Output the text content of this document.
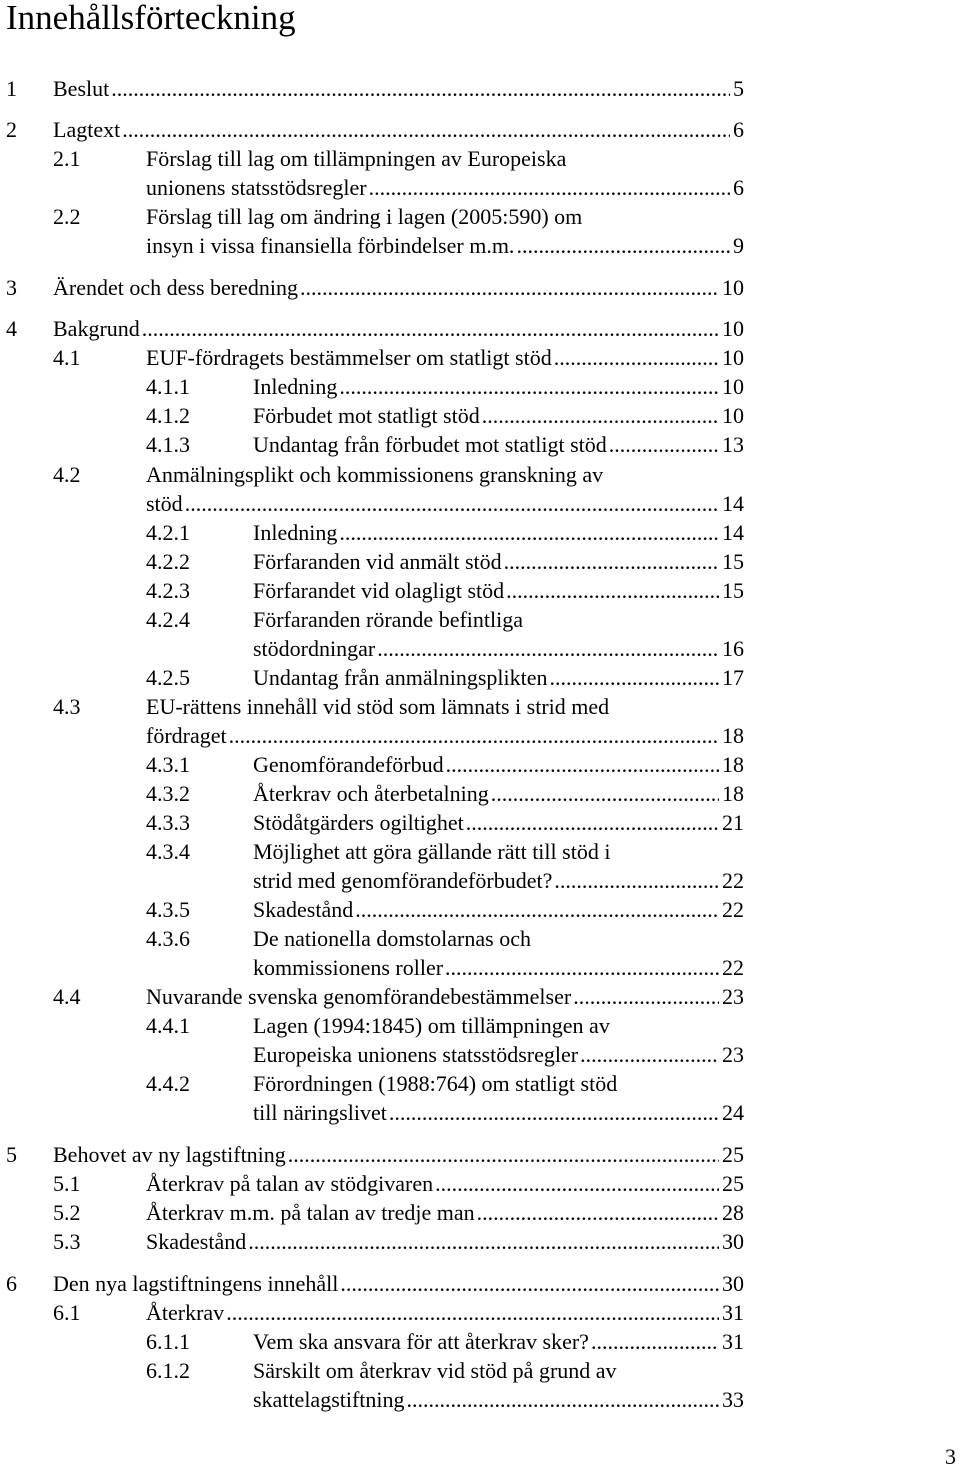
Innehållsförteckning
1 Beslut .....	5
2 Lagtext .....	6
2.1	Förslag till lag om tillämpningen av Europeiska
unionens statsstödsregler .....	6
2.2	Förslag till lag om ändring i lagen (2005:590) om
insyn i vissa finansiella förbindelser m.m. .....	9
3 Ärendet och dess beredning .....	10
4 Bakgrund .....	10
4.1	EUF-fördragets bestämmelser om statligt stöd .....	10
4.1.1	Inledning .....	10
4.1.2	Förbudet mot statligt stöd .....	10
4.1.3	Undantag från förbudet mot statligt stöd .....	13
4.2	Anmälningsplikt och kommissionens granskning av
stöd .....	14
4.2.1	Inledning .....	14
4.2.2	Förfaranden vid anmält stöd .....	15
4.2.3	Förfarandet vid olagligt stöd .....	15
4.2.4	Förfaranden rörande befintliga
stödordningar .....	16
4.2.5	Undantag från anmälningsplikten .....	17
4.3	EU-rättens innehåll vid stöd som lämnats i strid med
fördraget .....	18
4.3.1	Genomförandeförbud .....	18
4.3.2	Återkrav och återbetalning .....	18
4.3.3	Stödåtgärders ogiltighet .....	21
4.3.4	Möjlighet att göra gällande rätt till stöd i
strid med genomförandeförbudet? .....	22
4.3.5	Skadestånd .....	22
4.3.6	De nationella domstolarnas och
kommissionens roller .....	22
4.4	Nuvarande svenska genomförandebestämmelser .....	23
4.4.1	Lagen (1994:1845) om tillämpningen av
Europeiska unionens statsstödsregler .....	23
4.4.2	Förordningen (1988:764) om statligt stöd
till näringslivet .....	24
5 Behovet av ny lagstiftning .....	25
5.1	Återkrav på talan av stödgivaren .....	25
5.2	Återkrav m.m. på talan av tredje man .....	28
5.3	Skadestånd .....	30
6 Den nya lagstiftningens innehåll .....	30
6.1	Återkrav .....	31
6.1.1	Vem ska ansvara för att återkrav sker? .....	31
6.1.2	Särskilt om återkrav vid stöd på grund av
skattelagstiftning .....	33
3
